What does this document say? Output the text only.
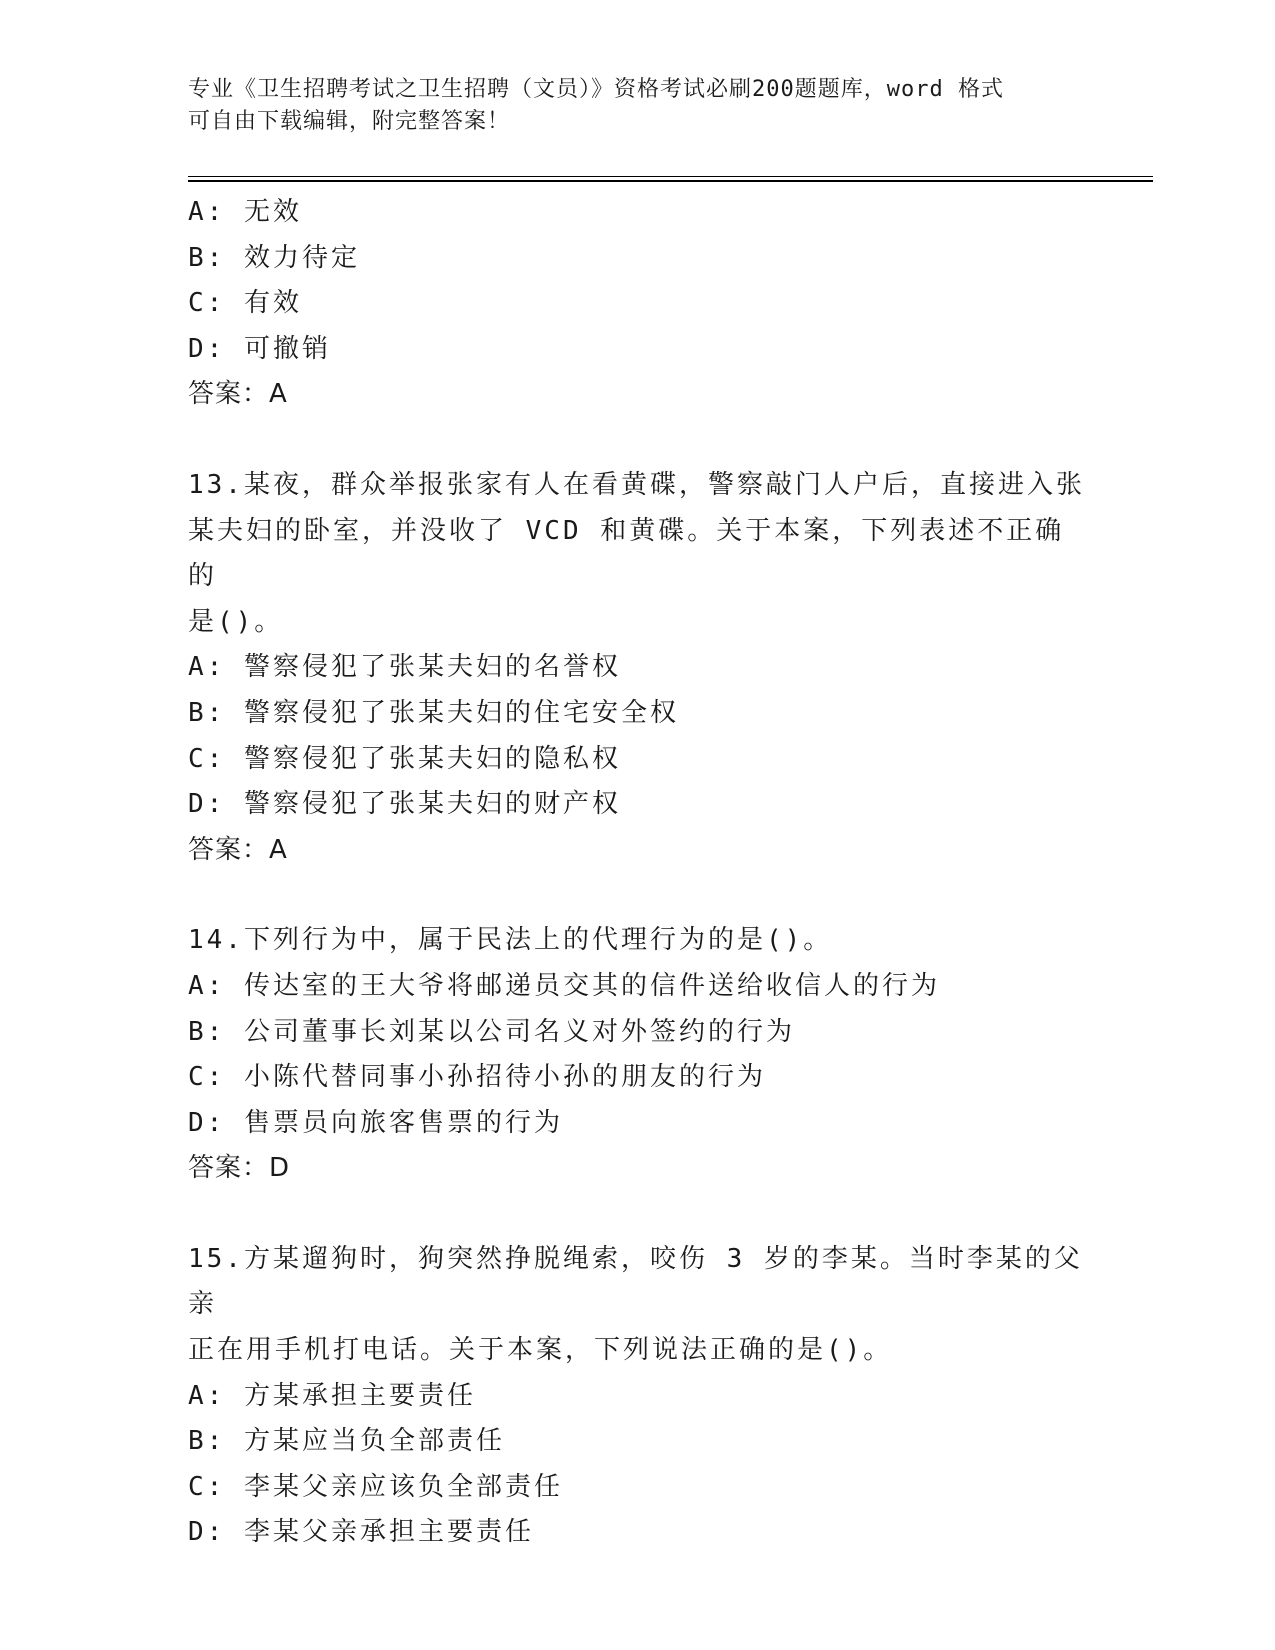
专业《卫生招聘考试之卫生招聘（文员）》资格考试必刷200题题库，word 格式
可自由下载编辑，附完整答案！
A: 无效
B: 效力待定
C: 有效
D: 可撤销
答案：A
13.某夜，群众举报张家有人在看黄碟，警察敲门人户后，直接进入张
某夫妇的卧室，并没收了 VCD 和黄碟。关于本案，下列表述不正确的
是()。
A: 警察侵犯了张某夫妇的名誉权
B: 警察侵犯了张某夫妇的住宅安全权
C: 警察侵犯了张某夫妇的隐私权
D: 警察侵犯了张某夫妇的财产权
答案：A
14.下列行为中，属于民法上的代理行为的是()。
A: 传达室的王大爷将邮递员交其的信件送给收信人的行为
B: 公司董事长刘某以公司名义对外签约的行为
C: 小陈代替同事小孙招待小孙的朋友的行为
D: 售票员向旅客售票的行为
答案：D
15.方某遛狗时，狗突然挣脱绳索，咬伤 3 岁的李某。当时李某的父亲
正在用手机打电话。关于本案，下列说法正确的是()。
A: 方某承担主要责任
B: 方某应当负全部责任
C: 李某父亲应该负全部责任
D: 李某父亲承担主要责任
